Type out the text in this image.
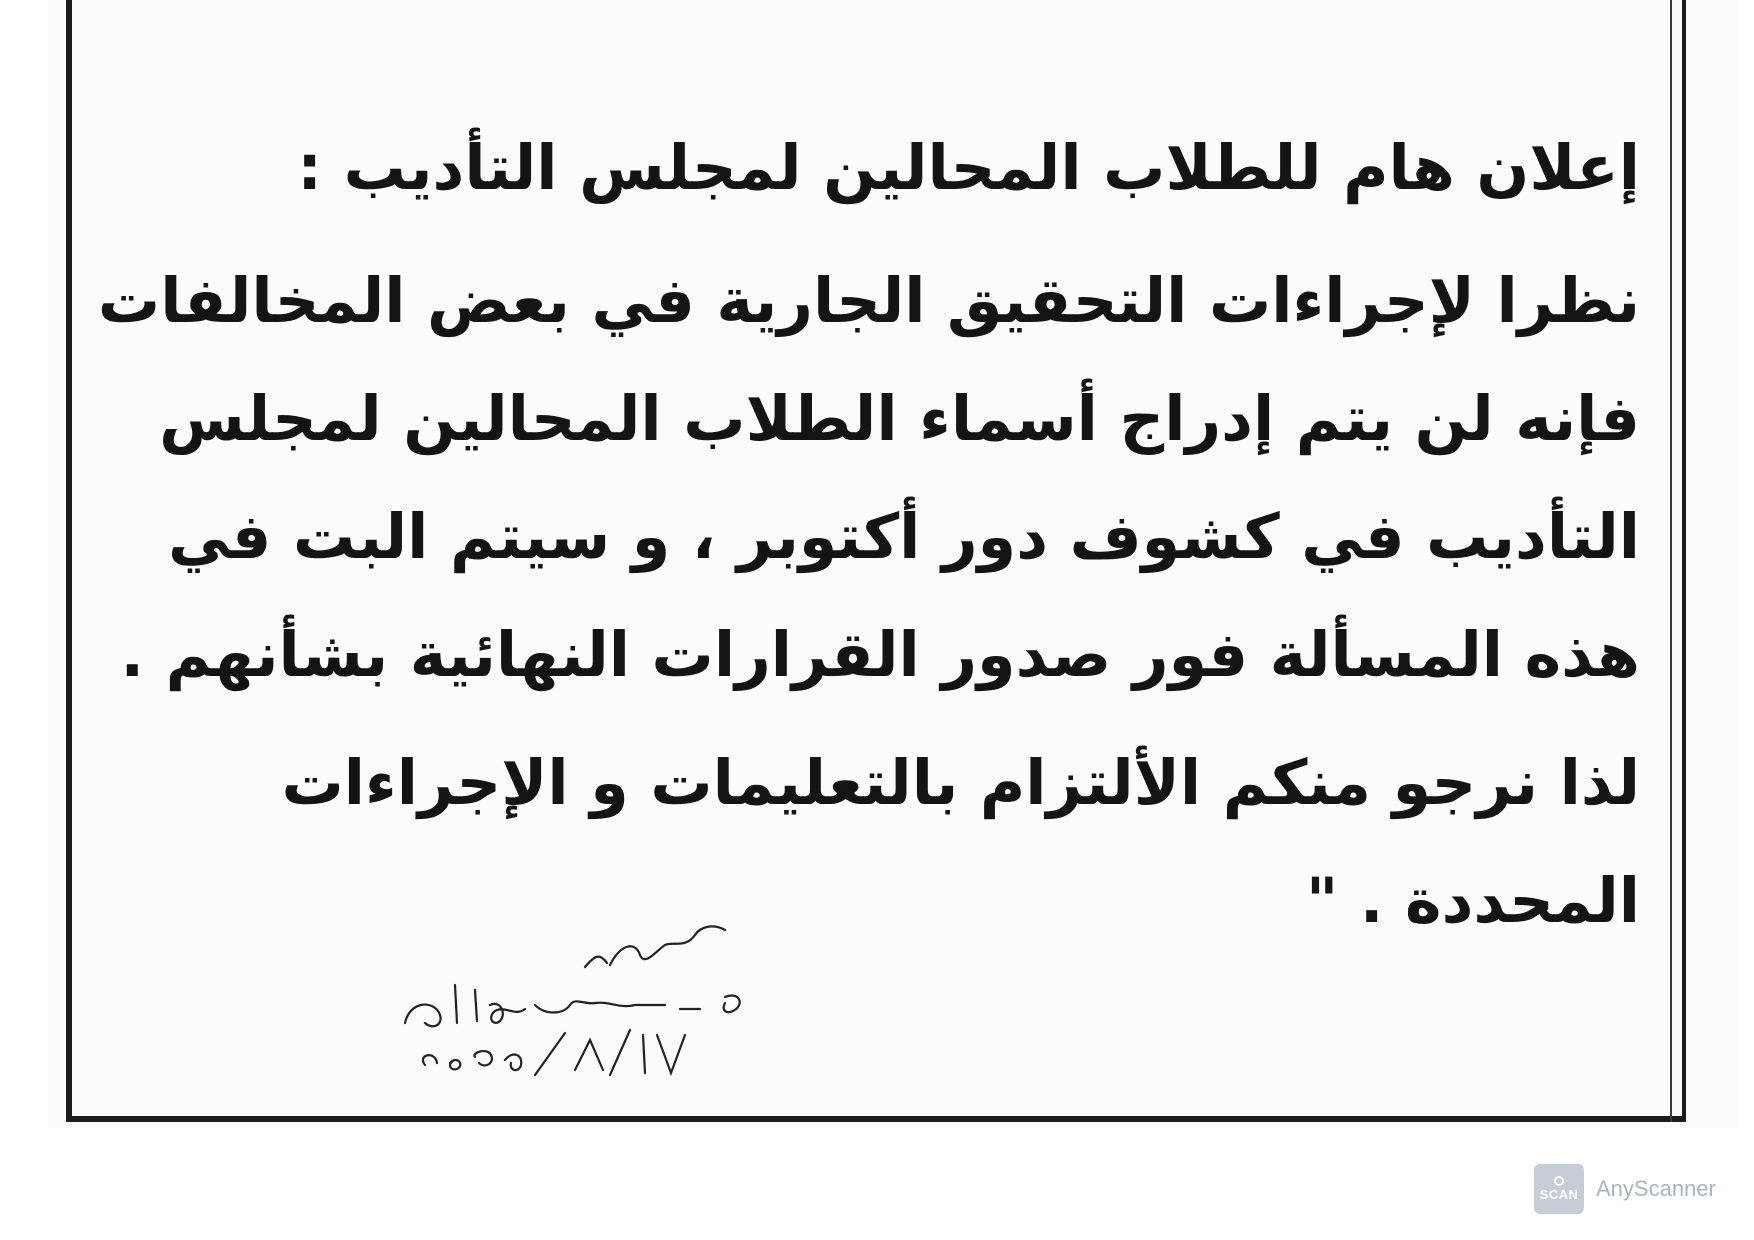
إعلان هام للطلاب المحالين لمجلس التأديب :

نظرا لإجراءات التحقيق الجارية في بعض المخالفات

فإنه لن يتم إدراج أسماء الطلاب المحالين لمجلس

التأديب في كشوف دور أكتوبر ، و سيتم البت في

هذه المسألة فور صدور القرارات النهائية بشأنهم .

لذا نرجو منكم الألتزام بالتعليمات و الإجراءات

المحددة . "

SCAN AnyScanner
